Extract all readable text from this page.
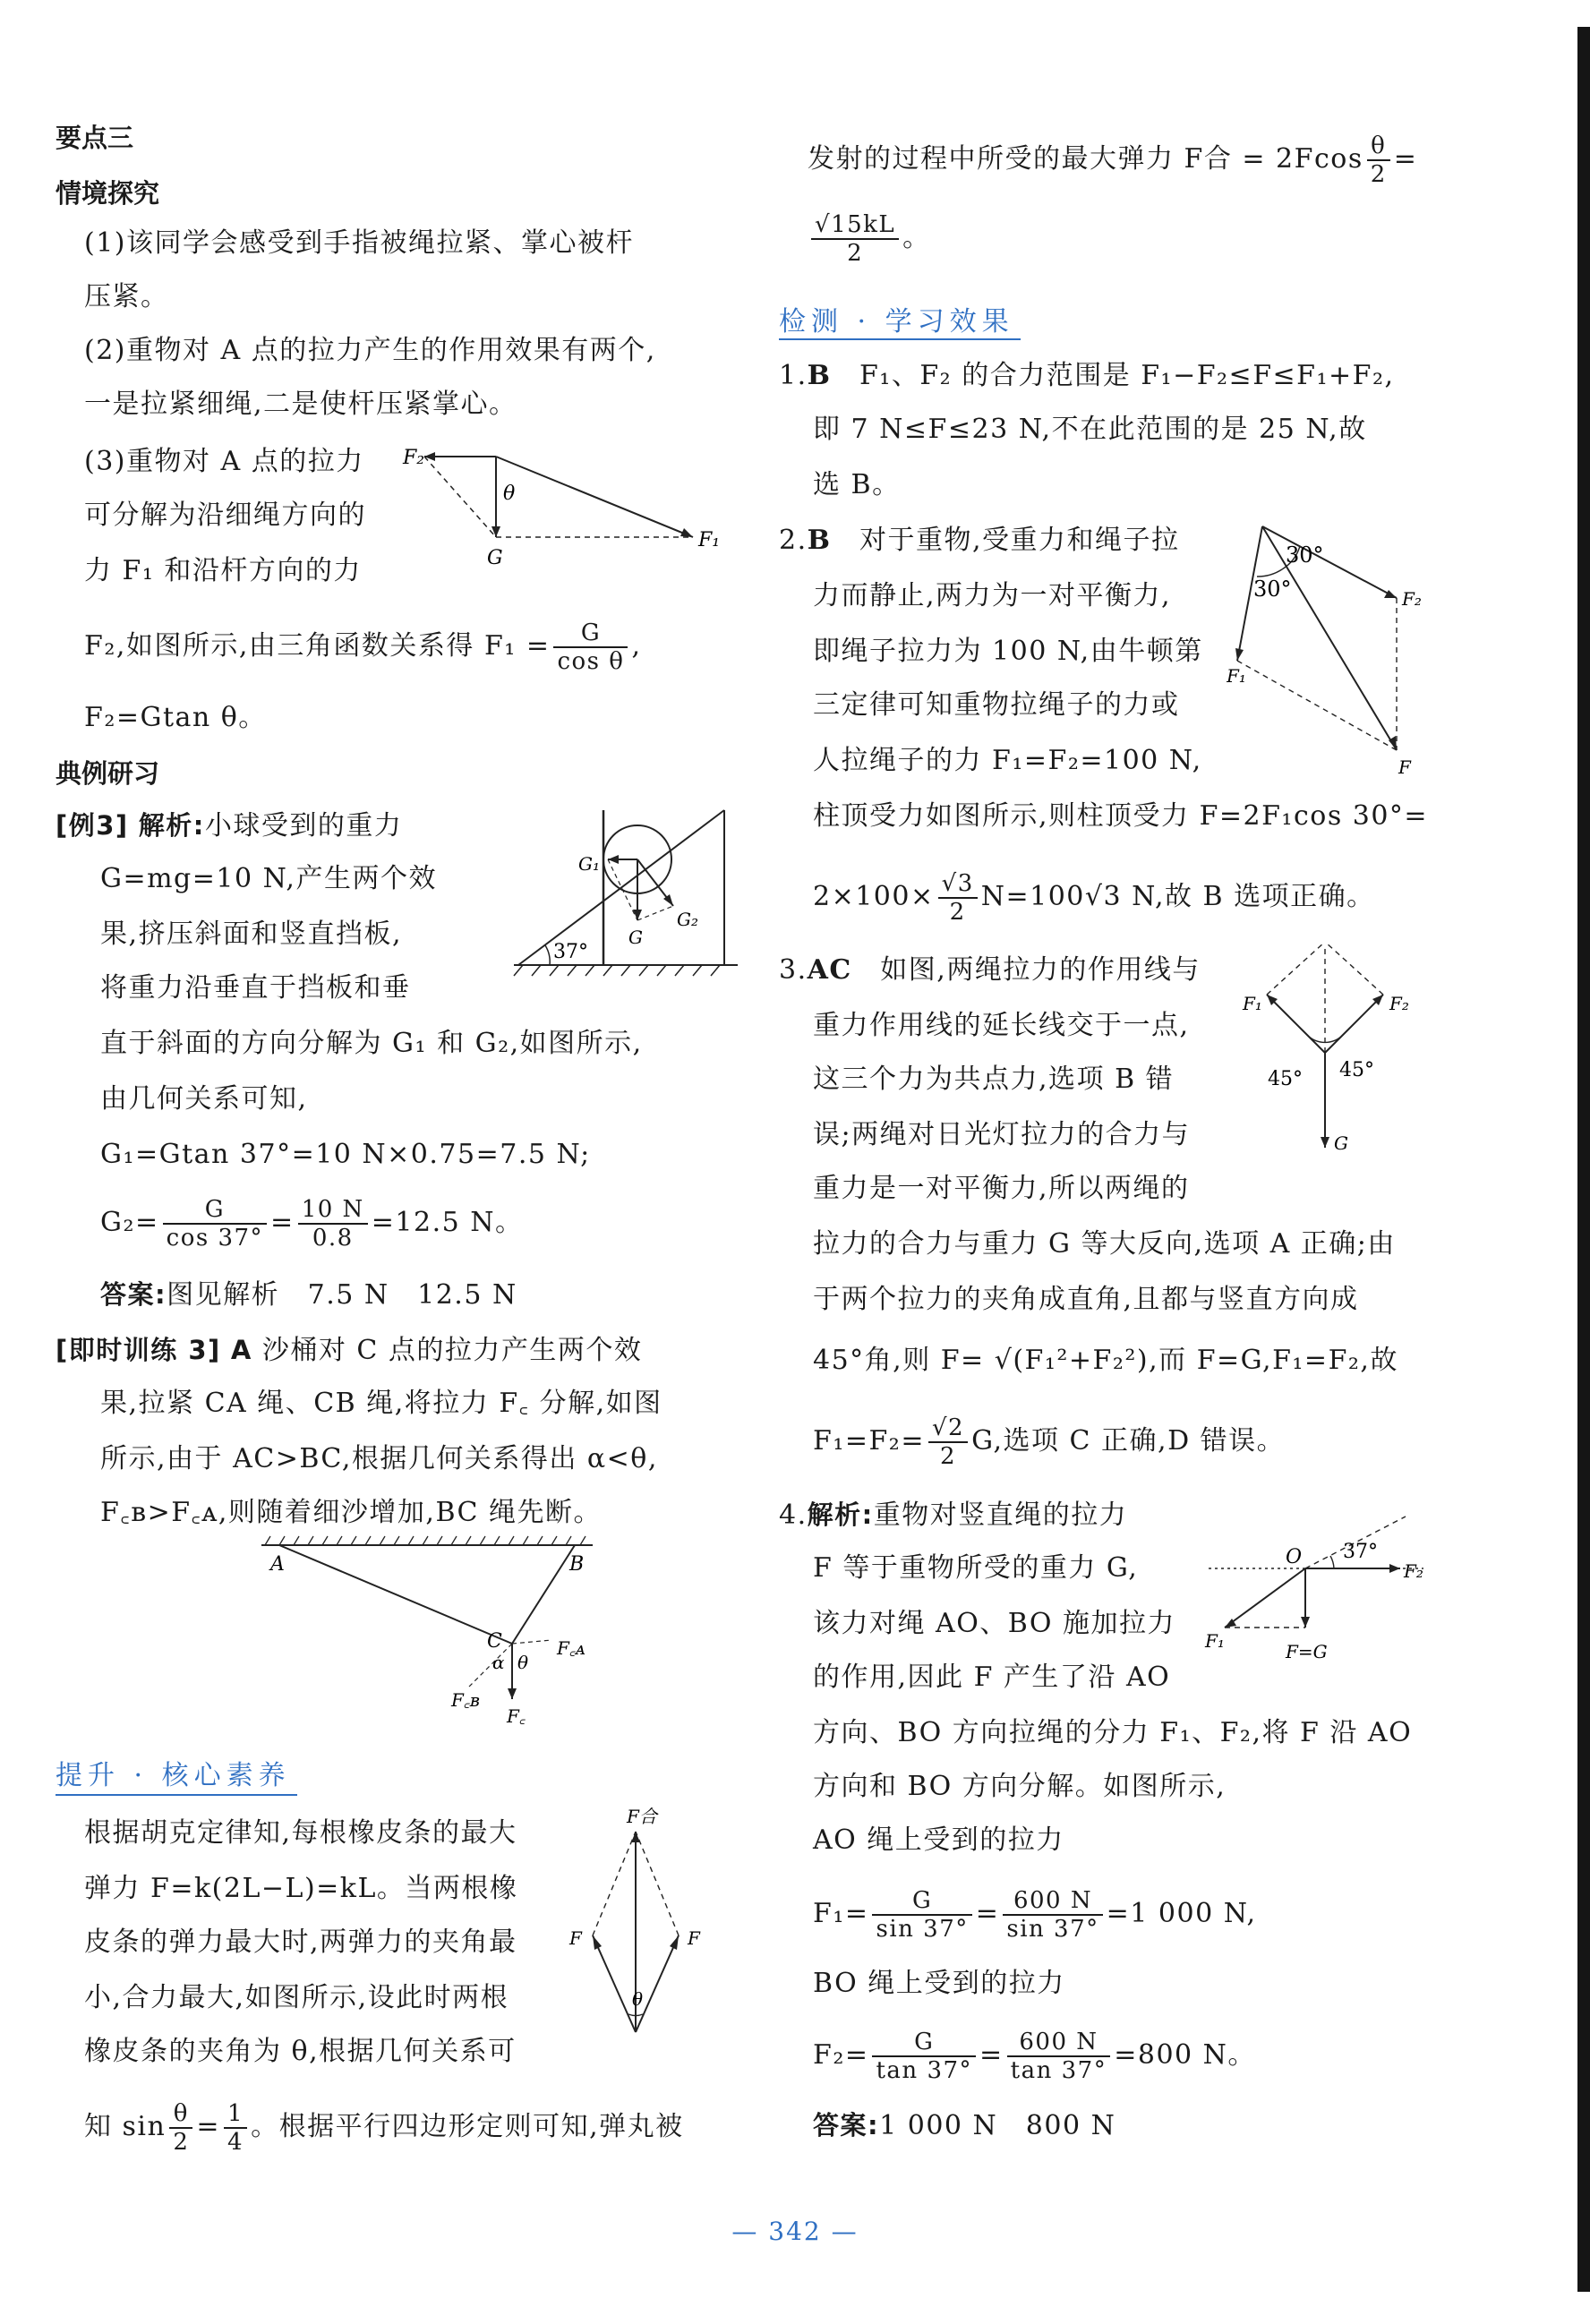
要点三
情境探究
(1)该同学会感受到手指被绳拉紧、掌心被杆
压紧。
(2)重物对 A 点的拉力产生的作用效果有两个,
一是拉紧细绳,二是使杆压紧掌心。
(3)重物对 A 点的拉力
可分解为沿细绳方向的
力 F₁ 和沿杆方向的力
F₂
θ
G
F₁
F₂,如图所示,由三角函数关系得 $F_1 = \frac{G}{\text{cos θ}}$ ,
F₂=Gtan θ。
典例研习
[例3] 解析:小球受到的重力
G=mg=10 N,产生两个效
果,挤压斜面和竖直挡板,
将重力沿垂直于挡板和垂
G₁
G
G₂
37°
直于斜面的方向分解为 G₁ 和 G₂,如图所示,
由几何关系可知,
G₁=Gtan 37°=10 N×0.75=7.5 N;
$G_2= \frac{G}{\cos 37^\circ} = \frac{10 N}{0.8} =12.5$ N。
答案:图见解析　7.5 N　12.5 N
[即时训练 3] A 沙桶对 C 点的拉力产生两个效
果,拉紧 CA 绳、CB 绳,将拉力 F꜀ 分解,如图
所示,由于 AC>BC,根据几何关系得出 α<θ,
F꜀ʙ>F꜀ᴀ,则随着细沙增加,BC 绳先断。
A	B
C
α θ
F꜀ᴀ
F꜀ʙ
F꜀
提升 · 核心素养
根据胡克定律知,每根橡皮条的最大
弹力 F=k(2L−L)=kL。当两根橡
皮条的弹力最大时,两弹力的夹角最
小,合力最大,如图所示,设此时两根
橡皮条的夹角为 θ,根据几何关系可
F合
F	F
θ
知 $\sin \frac{\theta}{2} = \frac{1}{4}$ 。根据平行四边形定则可知,弹丸被
发射的过程中所受的最大弹力 F合 = $2Fcos \frac{\theta}{2}$ =
$\frac{√15kL}{2}$ 。
检测 · 学习效果
1.B　 F₁、F₂ 的合力范围是 F₁−F₂≤F≤F₁+F₂,
即 7 N≤F≤23 N,不在此范围的是 25 N,故
选 B。
2.B　 对于重物,受重力和绳子拉
力而静止,两力为一对平衡力,
即绳子拉力为 100 N,由牛顿第
三定律可知重物拉绳子的力或
人拉绳子的力 F₁=F₂=100 N,
30°
30°	F₂
F₁
F
柱顶受力如图所示,则柱顶受力 F=2F₁cos 30°=
$2\times 100\times \frac{√3}{2} N=100√3$ N,故 B 选项正确。
3.AC　 如图,两绳拉力的作用线与
重力作用线的延长线交于一点,
这三个力为共点力,选项 B 错
误;两绳对日光灯拉力的合力与
重力是一对平衡力,所以两绳的
F₁	F₂
45° 45°
G
拉力的合力与重力 G 等大反向,选项 A 正确;由
于两个拉力的夹角成直角,且都与竖直方向成
45°角,则 F= √(F₁²+F₂²),而 F=G,F₁=F₂,故
$F_1=F_2= \frac{√2}{2} G$,选项 C 正确,D 错误。
4.解析:重物对竖直绳的拉力
F 等于重物所受的重力 G,
该力对绳 AO、BO 施加拉力
的作用,因此 F 产生了沿 AO
O 37°
F₂
F₁	F=G
方向、BO 方向拉绳的分力 F₁、F₂,将 F 沿 AO
方向和 BO 方向分解。如图所示,
AO 绳上受到的拉力
$F_1= \frac{G}{\sin 37^\circ} = \frac{600 N}{\sin 37^\circ} =1$ 000 N,
BO 绳上受到的拉力
$F_2= \frac{G}{\tan 37^\circ} = \frac{600 N}{\tan 37^\circ} =800$ N。
答案:1 000 N　800 N
— 342 —
